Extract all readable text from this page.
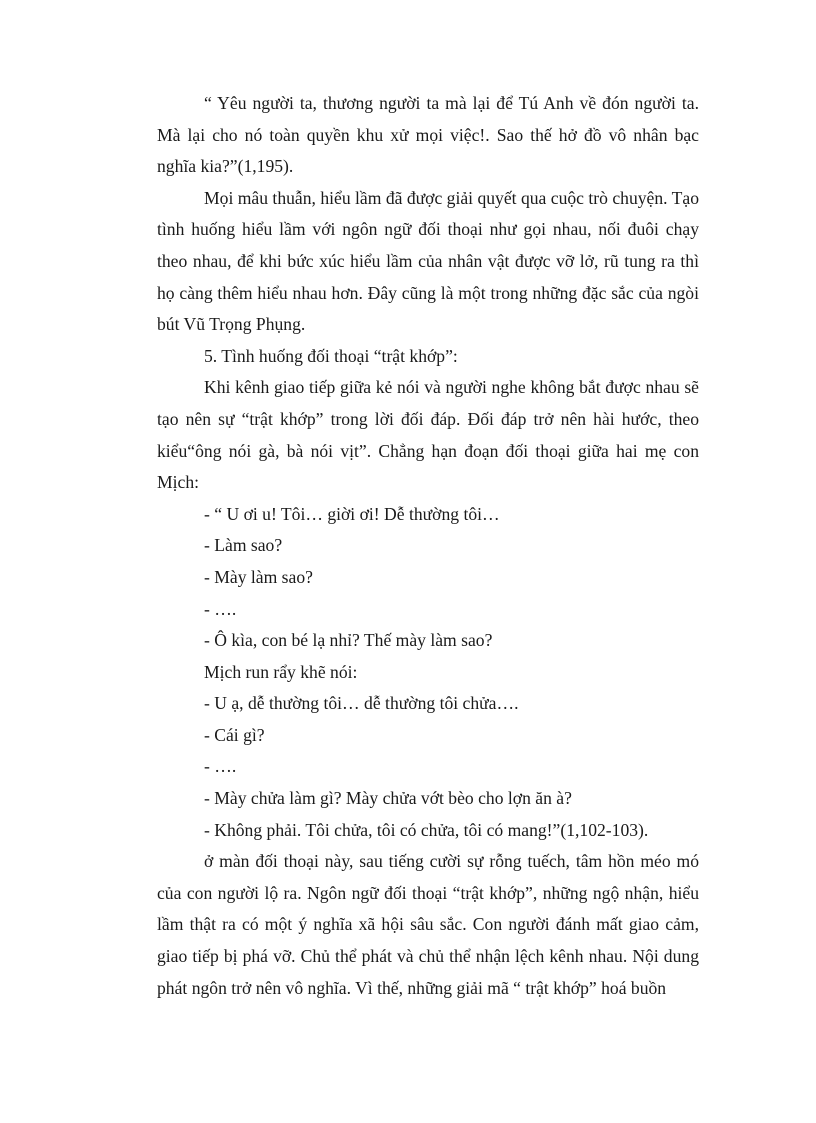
“ Yêu người ta, thương người ta mà lại để Tú Anh về đón người ta. Mà lại cho nó toàn quyền khu xử mọi việc!. Sao thế hở đồ vô nhân bạc nghĩa kia?”(1,195).

Mọi mâu thuẫn, hiểu lầm đã được giải quyết qua cuộc trò chuyện. Tạo tình huống hiểu lầm với ngôn ngữ đối thoại như gọi nhau, nối đuôi chạy theo nhau, để khi bức xúc hiểu lầm của nhân vật được vỡ lở, rũ tung ra thì họ càng thêm hiểu nhau hơn. Đây cũng là một trong những đặc sắc của ngòi bút Vũ Trọng Phụng.

5. Tình huống đối thoại “trật khớp”:

Khi kênh giao tiếp giữa kẻ nói và người nghe không bắt được nhau sẽ tạo nên sự “trật khớp” trong lời đối đáp. Đối đáp trở nên hài hước, theo kiểu“ông nói gà, bà nói vịt”. Chẳng hạn đoạn đối thoại giữa hai mẹ con Mịch:

- “ U ơi u! Tôi… giời ơi! Dễ thường tôi…

- Làm sao?

- Mày làm sao?

- ….

- Ô kìa, con bé lạ nhỉ? Thế mày làm sao?

Mịch run rẩy khẽ nói:

- U ạ, dễ thường tôi… dễ thường tôi chửa….

- Cái gì?

- ….

- Mày chửa làm gì? Mày chửa vớt bèo cho lợn ăn à?

- Không phải. Tôi chửa, tôi có chửa, tôi có mang!”(1,102-103).

ở màn đối thoại này, sau tiếng cười sự rỗng tuếch, tâm hồn méo mó của con người lộ ra. Ngôn ngữ đối thoại “trật khớp”, những ngộ nhận, hiểu lầm thật ra có một ý nghĩa xã hội sâu sắc. Con người đánh mất giao cảm, giao tiếp bị phá vỡ. Chủ thể phát và chủ thể nhận lệch kênh nhau. Nội dung phát ngôn trở nên vô nghĩa. Vì thế, những giải mã “ trật khớp” hoá buồn
